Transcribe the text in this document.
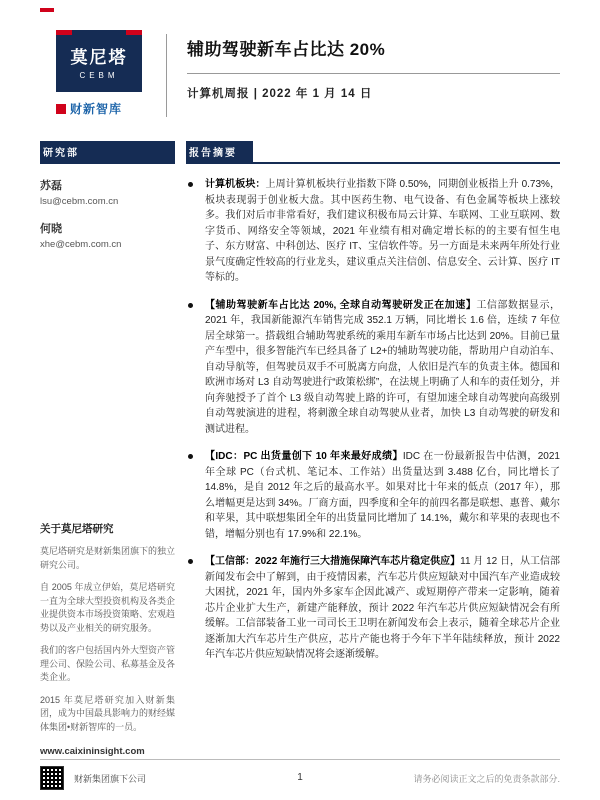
莫尼塔
CEBM
财新智库
辅助驾驶新车占比达 20%
计算机周报 | 2022 年 1 月 14 日
研究部
苏磊
lsu@cebm.com.cn
何晓
xhe@cebm.com.cn
关于莫尼塔研究

莫尼塔研究是财新集团旗下的独立研究公司。

自 2005 年成立伊始，莫尼塔研究一直为全球大型投资机构及各类企业提供资本市场投资策略、宏观趋势以及产业相关的研究服务。

我们的客户包括国内外大型资产管理公司、保险公司、私募基金及各类企业。

2015 年莫尼塔研究加入财新集团，成为中国最具影响力的财经媒体集团•财新智库的一员。

www.caixininsight.com
报告摘要

计算机板块：上周计算机板块行业指数下降 0.50%，同期创业板指上升 0.73%，板块表现弱于创业板大盘。其中医药生物、电气设备、有色金属等板块上涨较多。我们对后市非常看好，我们建议积极布局云计算、车联网、工业互联网、数字货币、网络安全等领域，2021 年业绩有相对确定增长标的的主要有恒生电子、东方财富、中科创达、医疗 IT、宝信软件等。另一方面是未来两年所处行业景气度确定性较高的行业龙头，建议重点关注信创、信息安全、云计算、医疗 IT 等标的。

【辅助驾驶新车占比达 20%, 全球自动驾驶研发正在加速】工信部数据显示，2021 年，我国新能源汽车销售完成 352.1 万辆，同比增长 1.6 倍，连续 7 年位居全球第一。搭载组合辅助驾驶系统的乘用车新车市场占比达到 20%。目前已量产车型中，很多智能汽车已经具备了 L2+的辅助驾驶功能，帮助用户自动泊车、自动导航等，但驾驶员双手不可脱离方向盘，人依旧是汽车的负责主体。德国和欧洲市场对 L3 自动驾驶进行“政策松绑”，在法规上明确了人和车的责任划分，并向奔驰授予了首个 L3 级自动驾驶上路的许可，有望加速全球自动驾驶向高级别自动驾驶演进的进程，将刺激全球自动驾驶从业者，加快 L3 自动驾驶的研发和测试进程。

【IDC：PC 出货量创下 10 年来最好成绩】IDC 在一份最新报告中估测，2021 年全球 PC（台式机、笔记本、工作站）出货量达到 3.488 亿台，同比增长了 14.8%，是自 2012 年之后的最高水平。如果对比十年来的低点（2017 年），那么增幅更是达到 34%。厂商方面，四季度和全年的前四名都是联想、惠普、戴尔和苹果，其中联想集团全年的出货量同比增加了 14.1%，戴尔和苹果的表现也不错，增幅分别也有 17.9%和 22.1%。

【工信部：2022 年施行三大措施保障汽车芯片稳定供应】11 月 12 日，从工信部新闻发布会中了解到，由于疫情因素，汽车芯片供应短缺对中国汽车产业造成较大困扰，2021 年，国内外多家车企因此减产、或短期停产带来一定影响，随着芯片企业扩大生产，新建产能释放，预计 2022 年汽车芯片供应短缺情况会有所缓解。工信部装备工业一司司长王卫明在新闻发布会上表示，随着全球芯片企业逐渐加大汽车芯片生产供应，芯片产能也将于今年下半年陆续释放，预计 2022 年汽车芯片供应短缺情况将会逐渐缓解。

财新集团旗下公司	1	请务必阅读正文之后的免责条款部分.
